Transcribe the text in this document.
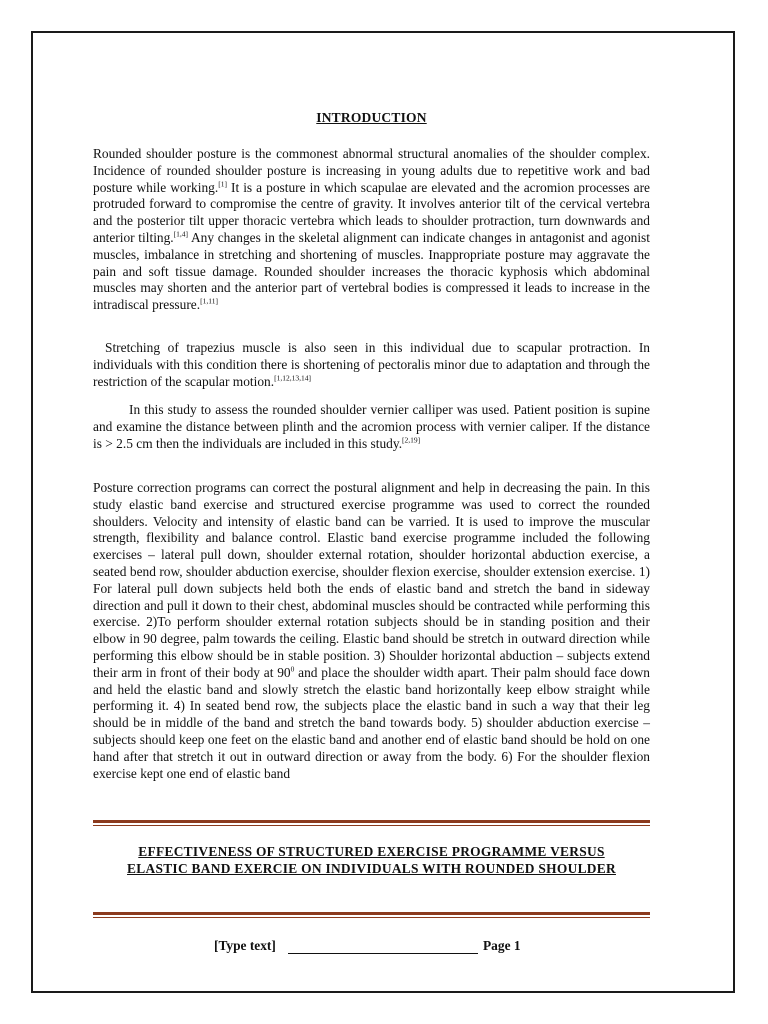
INTRODUCTION

Rounded shoulder posture is the commonest abnormal structural anomalies of the shoulder complex. Incidence of rounded shoulder posture is increasing in young adults due to repetitive work and bad posture while working.[1] It is a posture in which scapulae are elevated and the acromion processes are protruded forward to compromise the centre of gravity. It involves anterior tilt of the cervical vertebra and the posterior tilt upper thoracic vertebra which leads to shoulder protraction, turn downwards and anterior tilting.[1,4] Any changes in the skeletal alignment can indicate changes in antagonist and agonist muscles, imbalance in stretching and shortening of muscles. Inappropriate posture may aggravate the pain and soft tissue damage. Rounded shoulder increases the thoracic kyphosis which abdominal muscles may shorten and the anterior part of vertebral bodies is compressed it leads to increase in the intradiscal pressure.[1,11]

Stretching of trapezius muscle is also seen in this individual due to scapular protraction. In individuals with this condition there is shortening of pectoralis minor due to adaptation and through the restriction of the scapular motion.[1,12,13,14]

In this study to assess the rounded shoulder vernier calliper was used. Patient position is supine and examine the distance between plinth and the acromion process with vernier caliper. If the distance is > 2.5 cm then the individuals are included in this study.[2,19]

Posture correction programs can correct the postural alignment and help in decreasing the pain. In this study elastic band exercise and structured exercise programme was used to correct the rounded shoulders. Velocity and intensity of elastic band can be varried. It is used to improve the muscular strength, flexibility and balance control. Elastic band exercise programme included the following exercises – lateral pull down, shoulder external rotation, shoulder horizontal abduction exercise, a seated bend row, shoulder abduction exercise, shoulder flexion exercise, shoulder extension exercise. 1) For lateral pull down subjects held both the ends of elastic band and stretch the band in sideway direction and pull it down to their chest, abdominal muscles should be contracted while performing this exercise. 2)To perform shoulder external rotation subjects should be in standing position and their elbow in 90 degree, palm towards the ceiling. Elastic band should be stretch in outward direction while performing this elbow should be in stable position. 3) Shoulder horizontal abduction – subjects extend their arm in front of their body at $90^0$ and place the shoulder width apart. Their palm should face down and held the elastic band and slowly stretch the elastic band horizontally keep elbow straight while performing it. 4) In seated bend row, the subjects place the elastic band in such a way that their leg should be in middle of the band and stretch the band towards body. 5) shoulder abduction exercise – subjects should keep one feet on the elastic band and another end of elastic band should be hold on one hand after that stretch it out in outward direction or away from the body. 6) For the shoulder flexion exercise kept one end of elastic band

EFFECTIVENESS OF STRUCTURED EXERCISE PROGRAMME VERSUS
ELASTIC BAND EXERCIE ON INDIVIDUALS WITH ROUNDED SHOULDER
[Type text]	Page 1
